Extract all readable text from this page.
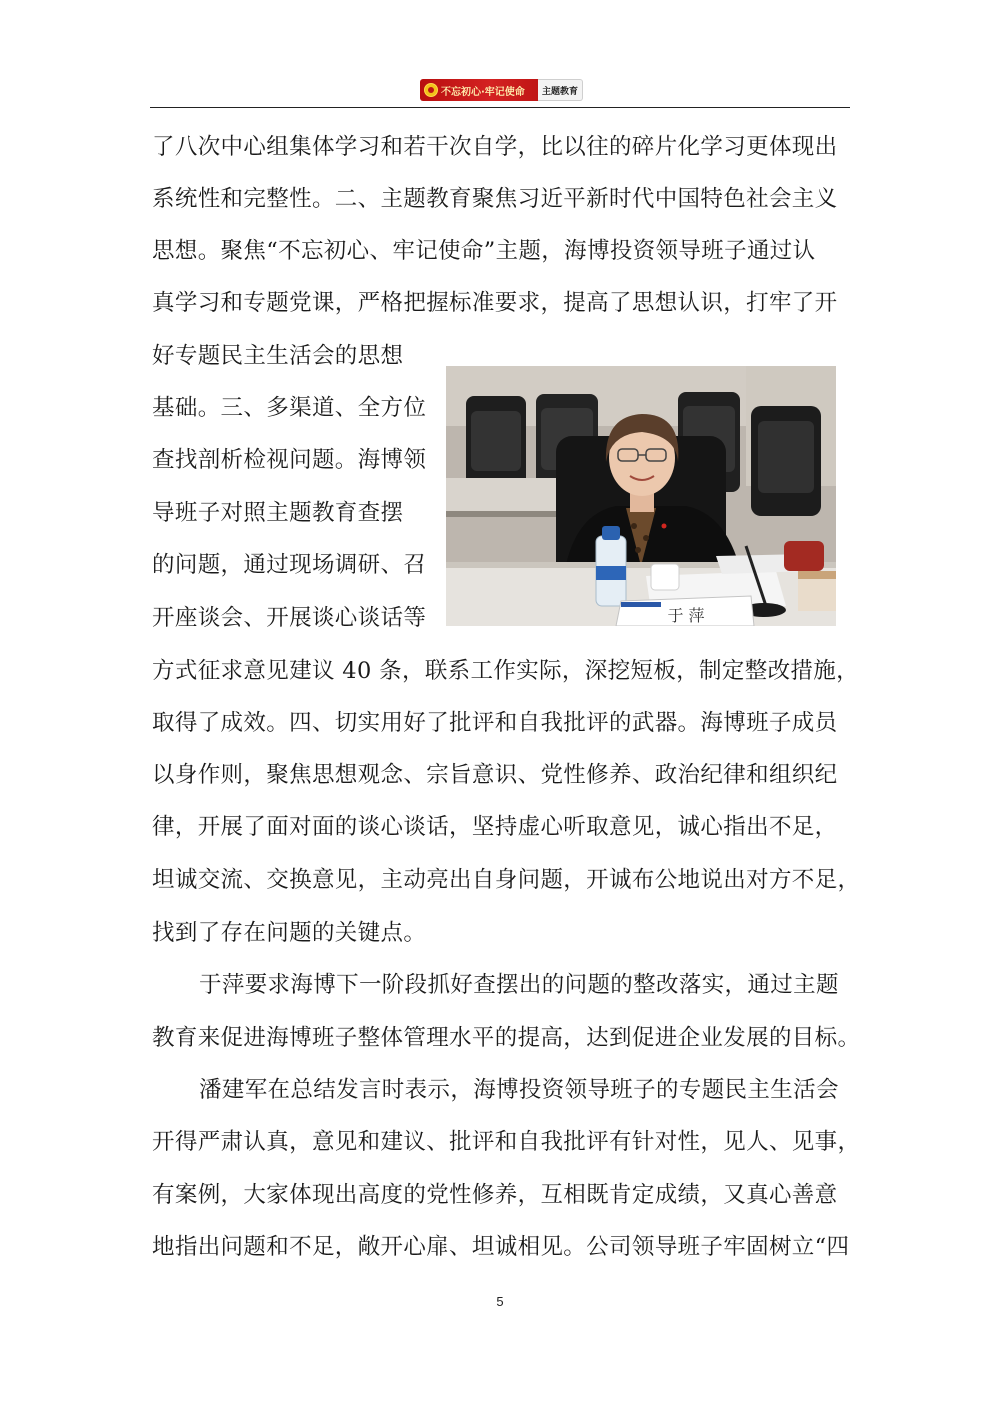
不忘初心·牢记使命 主题教育
了八次中心组集体学习和若干次自学，比以往的碎片化学习更体现出
系统性和完整性。二、主题教育聚焦习近平新时代中国特色社会主义
思想。聚焦“不忘初心、牢记使命”主题，海博投资领导班子通过认
真学习和专题党课，严格把握标准要求，提高了思想认识，打牢了开
好专题民主生活会的思想
基础。三、多渠道、全方位
查找剖析检视问题。海博领
导班子对照主题教育查摆
的问题，通过现场调研、召
开座谈会、开展谈心谈话等	于 萍
方式征求意见建议 40 条，联系工作实际，深挖短板，制定整改措施，
取得了成效。四、切实用好了批评和自我批评的武器。海博班子成员
以身作则，聚焦思想观念、宗旨意识、党性修养、政治纪律和组织纪
律，开展了面对面的谈心谈话，坚持虚心听取意见，诚心指出不足，
坦诚交流、交换意见，主动亮出自身问题，开诚布公地说出对方不足，
找到了存在问题的关键点。
于萍要求海博下一阶段抓好查摆出的问题的整改落实，通过主题
教育来促进海博班子整体管理水平的提高，达到促进企业发展的目标。
潘建军在总结发言时表示，海博投资领导班子的专题民主生活会
开得严肃认真，意见和建议、批评和自我批评有针对性，见人、见事，
有案例，大家体现出高度的党性修养，互相既肯定成绩，又真心善意
地指出问题和不足，敞开心扉、坦诚相见。公司领导班子牢固树立“四
5
